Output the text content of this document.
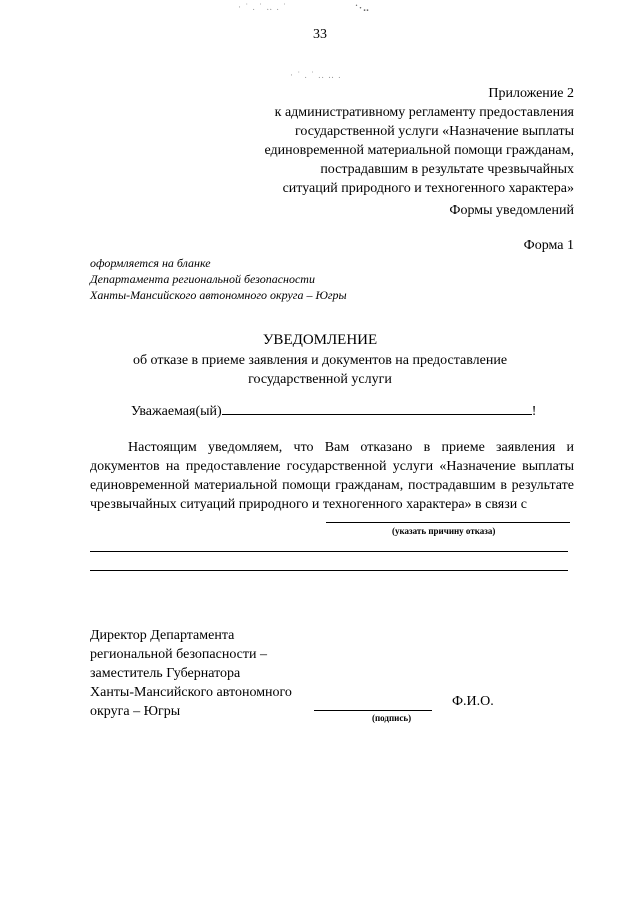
33
· ˙ . ˙ ‥ . ˙	˙·‥
· ˙ . ˙ .. ‥ .
Приложение 2
к административному регламенту предоставления
государственной услуги «Назначение выплаты
единовременной материальной помощи гражданам,
пострадавшим в результате чрезвычайных
ситуаций природного и техногенного характера»
Формы уведомлений
Форма 1
оформляется на бланке
Департамента региональной безопасности
Ханты-Мансийского автономного округа – Югры
УВЕДОМЛЕНИЕ
об отказе в приеме заявления и документов на предоставление
государственной услуги
Уважаемая(ый)	!
Настоящим уведомляем, что Вам отказано в приеме заявления и документов на предоставление государственной услуги «Назначение выплаты единовременной материальной помощи гражданам, пострадавшим в результате чрезвычайных ситуаций природного и техногенного характера» в связи с
(указать причину отказа)
Директор Департамента
региональной безопасности –
заместитель Губернатора
Ханты-Мансийского автономного
округа – Югры	(подпись)
Ф.И.О.
